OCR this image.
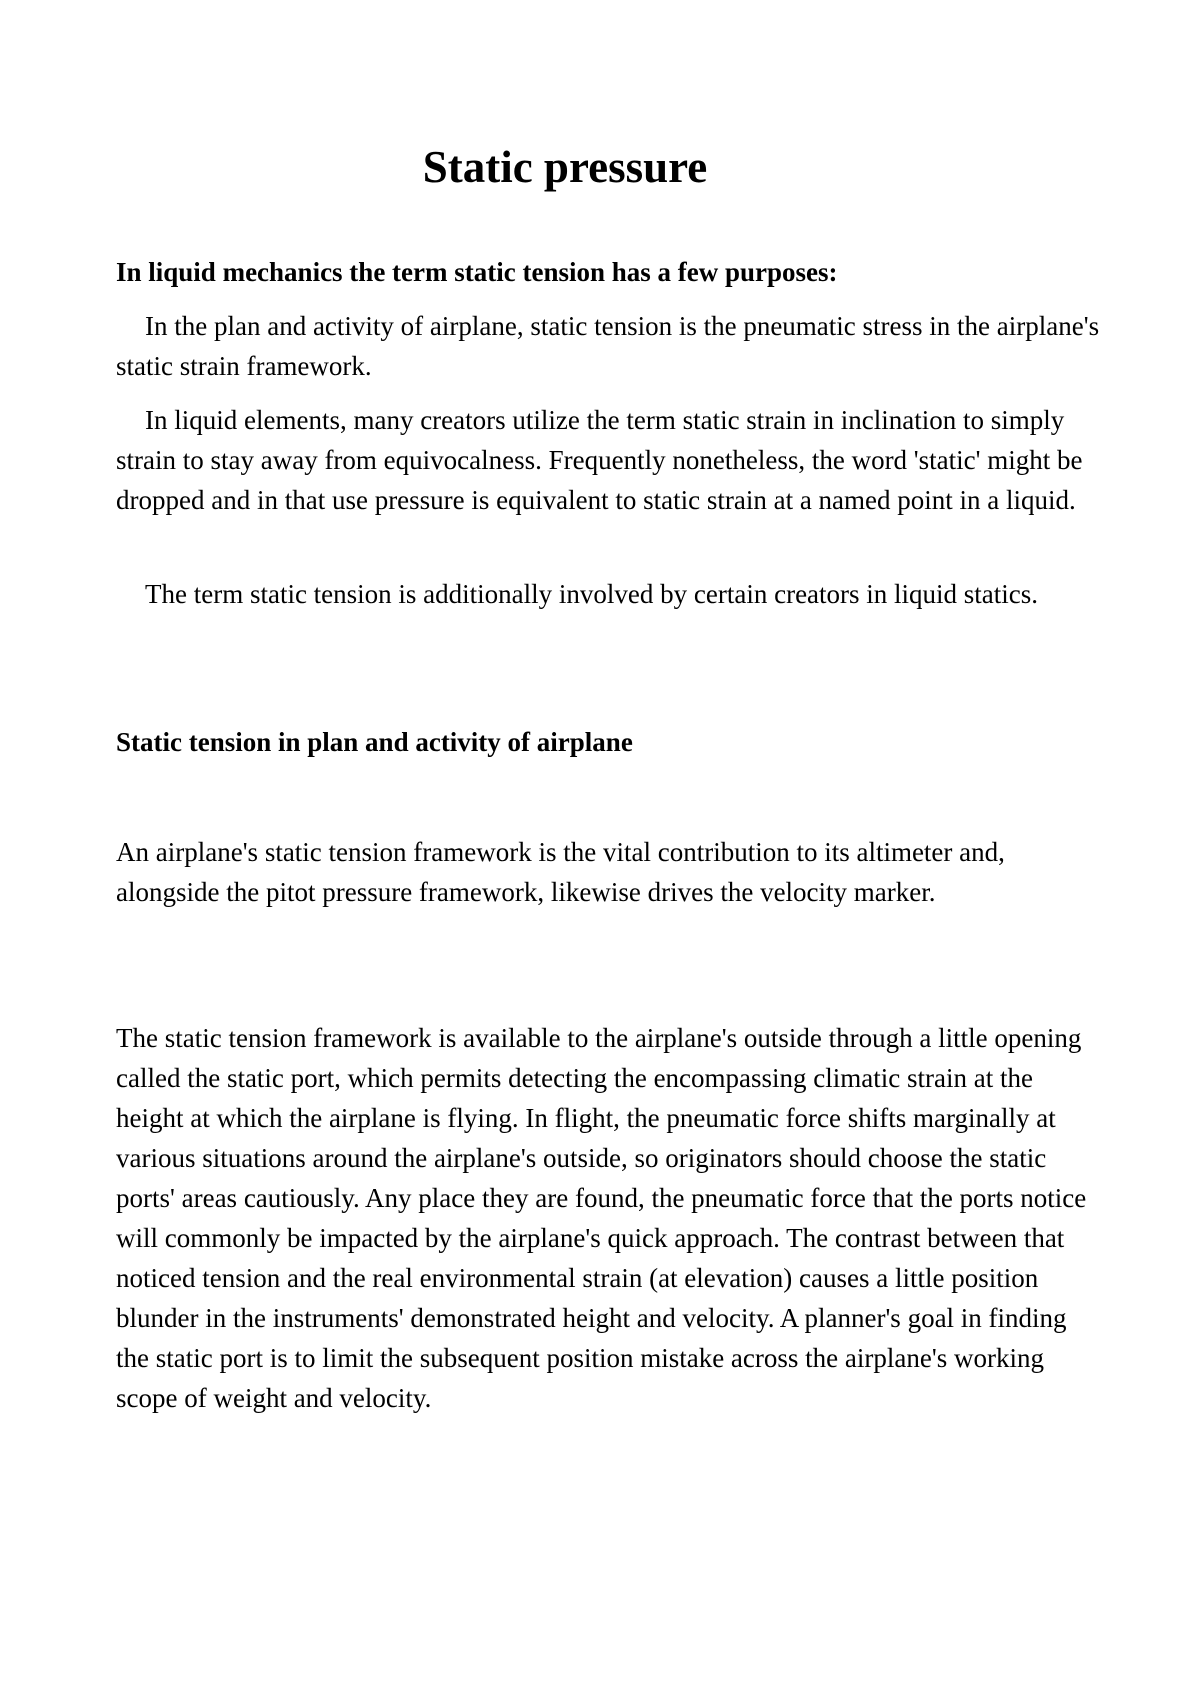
Static pressure

In liquid mechanics the term static tension has a few purposes:

In the plan and activity of airplane, static tension is the pneumatic stress in the airplane's static strain framework.

In liquid elements, many creators utilize the term static strain in inclination to simply strain to stay away from equivocalness. Frequently nonetheless, the word 'static' might be dropped and in that use pressure is equivalent to static strain at a named point in a liquid.

The term static tension is additionally involved by certain creators in liquid statics.

Static tension in plan and activity of airplane

An airplane's static tension framework is the vital contribution to its altimeter and, alongside the pitot pressure framework, likewise drives the velocity marker.

The static tension framework is available to the airplane's outside through a little opening called the static port, which permits detecting the encompassing climatic strain at the height at which the airplane is flying. In flight, the pneumatic force shifts marginally at various situations around the airplane's outside, so originators should choose the static ports' areas cautiously. Any place they are found, the pneumatic force that the ports notice will commonly be impacted by the airplane's quick approach. The contrast between that noticed tension and the real environmental strain (at elevation) causes a little position blunder in the instruments' demonstrated height and velocity. A planner's goal in finding the static port is to limit the subsequent position mistake across the airplane's working scope of weight and velocity.
